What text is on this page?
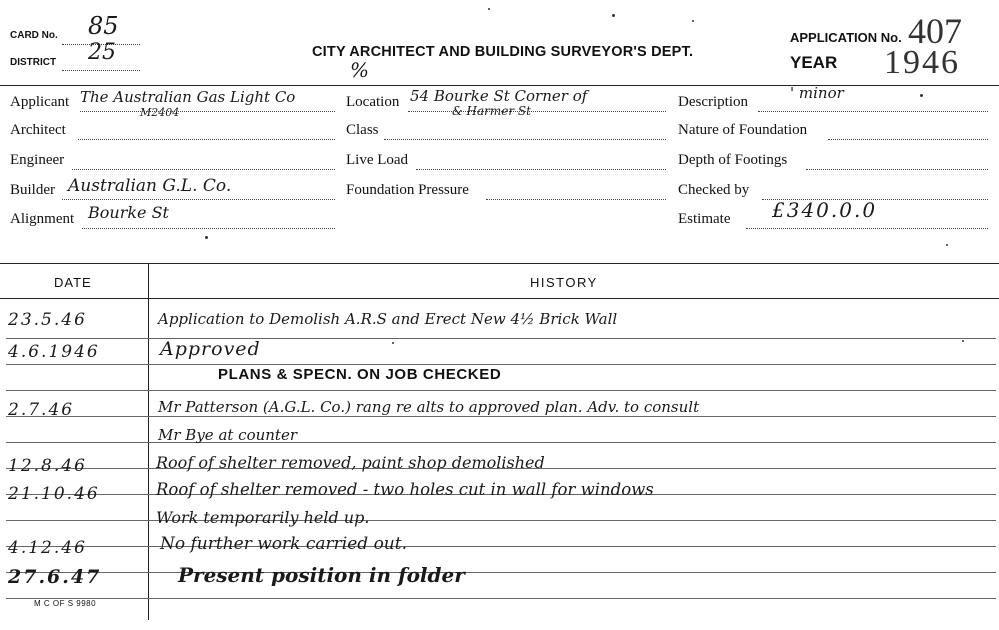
CARD No. 85
DISTRICT 25	CITY ARCHITECT AND BUILDING SURVEYOR'S DEPT.
%
APPLICATION No. 407
YEAR 1946
Applicant The Australian Gas Light Co
M2404
Architect
Engineer
Builder Australian G.L. Co.
Alignment Bourke St
Location 54 Bourke St Corner of
& Harmer St
Class
Live Load
Foundation Pressure
Description	' minor
Nature of Foundation
Depth of Footings
Checked by
Estimate £340.0.0
DATE	HISTORY
23.5.46	Application to Demolish A.R.S and Erect New 4½ Brick Wall
4.6.1946	Approved
PLANS & SPECN. ON JOB CHECKED
2.7.46	Mr Patterson (A.G.L. Co.) rang re alts to approved plan. Adv. to consult
Mr Bye at counter
12.8.46	Roof of shelter removed, paint shop demolished
21.10.46	Roof of shelter removed - two holes cut in wall for windows
Work temporarily held up.
4.12.46	No further work carried out.
27.6.47	Present position in folder
M C OF S 9980
